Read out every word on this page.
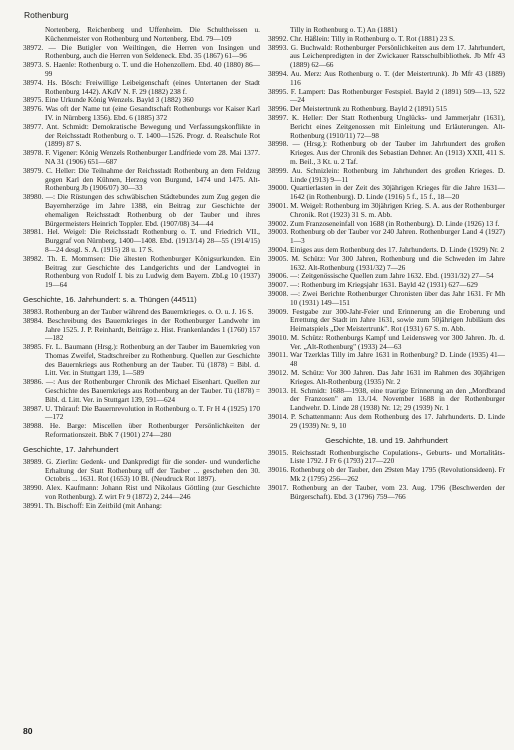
Rothenburg

Nortenberg, Reichenberg und Uffenheim. Die Schultheissen u. Küchenmeister von Rothenburg und Nortenberg. Ebd. 79—109

38972. — Die Butigler von Weiltingen, die Herren von Insingen und Rothenburg, auch die Herren von Seldeneck. Ebd. 35 (1867) 61—96

38973. S. Haenle: Rothenburg o. T. und die Hohenzollern. Ebd. 40 (1880) 86—99

38974. Hs. Bösch: Freiwillige Leibeigenschaft (eines Untertanen der Stadt Rothenburg 1442). AKdV N. F. 29 (1882) 238 f.

38975. Eine Urkunde König Wenzels. Bayld 3 (1882) 360

38976. Was oft der Name tut (eine Gesandtschaft Rothenburgs vor Kaiser Karl IV. in Nürnberg 1356). Ebd. 6 (1885) 372

38977. Ant. Schmidt: Demokratische Bewegung und Verfassungskonflikte in der Reichsstadt Rothenburg o. T. 1400—1526. Progr. d. Realschule Rot (1899) 87 S.

38978. F. Vigener: König Wenzels Rothenburger Landfriede vom 28. Mai 1377. NA 31 (1906) 651—687

38979. C. Heller: Die Teilnahme der Reichsstadt Rothenburg an dem Feldzug gegen Karl den Kühnen, Herzog von Burgund, 1474 und 1475. Alt-Rothenburg Jb (1906/07) 30—33

38980. —: Die Rüstungen des schwäbischen Städtebundes zum Zug gegen die Bayernherzöge im Jahre 1388, ein Beitrag zur Geschichte der ehemaligen Reichsstadt Rothenburg ob der Tauber und ihres Bürgermeisters Heinrich Toppler. Ebd. (1907/08) 34—44

38981. Hel. Weigel: Die Reichsstadt Rothenburg o. T. und Friedrich VII., Burggraf von Nürnberg, 1400—1408. Ebd. (1913/14) 28—55 (1914/15) 8—24 desgl. S. A. (1915) 28 u. 17 S.

38982. Th. E. Mommsen: Die ältesten Rothenburger Königsurkunden. Ein Beitrag zur Geschichte des Landgerichts und der Landvogtei in Rothenburg von Rudolf I. bis zu Ludwig dem Bayern. ZbLg 10 (1937) 19—64

Geschichte, 16. Jahrhundert: s. a. Thüngen (44511)

38983. Rothenburg an der Tauber während des Bauernkrieges. o. O. u. J. 16 S.

38984. Beschreibung des Bauernkrieges in der Rothenburger Landwehr im Jahre 1525. J. P. Reinhardt, Beiträge z. Hist. Frankenlandes 1 (1760) 157—182

38985. Fr. L. Baumann (Hrsg.): Rothenburg an der Tauber im Bauernkrieg von Thomas Zweifel, Stadtschreiber zu Rothenburg. Quellen zur Geschichte des Bauernkriegs aus Rothenburg an der Tauber. Tü (1878) = Bibl. d. Litt. Ver. in Stuttgart 139, 1—589

38986. —: Aus der Rothenburger Chronik des Michael Eisenhart. Quellen zur Geschichte des Bauernkriegs aus Rothenburg an der Tauber. Tü (1878) = Bibl. d. Litt. Ver. in Stuttgart 139, 591—624

38987. U. Thürauf: Die Bauernrevolution in Rothenburg o. T. Fr H 4 (1925) 170—172

38988. He. Barge: Miscellen über Rothenburger Persönlichkeiten der Reformationszeit. BbK 7 (1901) 274—280

Geschichte, 17. Jahrhundert

38989. G. Zierlin: Gedenk- und Dankpredigt für die sonder- und wunderliche Erhaltung der Statt Rothenburg uff der Tauber ... geschehen den 30. Octobris ... 1631. Rot (1653) 10 Bl. (Neudruck Rot 1897).

38990. Alex. Kaufmann: Johann Rist und Nikolaus Göttling (zur Geschichte von Rothenburg). Z wirt Fr 9 (1872) 2, 244—246

38991. Th. Bischoff: Ein Zeitbild (mit Anhang:

Tilly in Rothenburg o. T.) An (1881)

38992. Chr. Häßlein: Tilly in Rothenburg o. T. Rot (1881) 23 S.

38993. G. Buchwald: Rothenburger Persönlichkeiten aus dem 17. Jahrhundert, aus Leichenpredigten in der Zwickauer Ratsschulbibliothek. Jb Mfr 43 (1889) 62—66

38994. Au. Merz: Aus Rothenburg o. T. (der Meistertrunk). Jb Mfr 43 (1889) 116

38995. F. Lampert: Das Rothenburger Festspiel. Bayld 2 (1891) 509—13, 522—24

38996. Der Meistertrunk zu Rothenburg. Bayld 2 (1891) 515

38997. K. Heller: Der Statt Rothenburg Unglücks- und Jammerjahr (1631), Bericht eines Zeitgenossen mit Einleitung und Erläuterungen. Alt-Rothenburg (1910/11) 72—98

38998. — (Hrsg.): Rothenburg ob der Tauber im Jahrhundert des großen Krieges. Aus der Chronik des Sebastian Dehner. An (1913) XXII, 411 S. m. Beil., 3 Kt. u. 2 Taf.

38999. Au. Schnizlein: Rothenburg im Jahrhundert des großen Krieges. D. Linde (1913) 9—11

39000. Quartierlasten in der Zeit des 30jährigen Krieges für die Jahre 1631—1642 (in Rothenburg). D. Linde (1916) 5 f., 15 f., 18—20

39001. M. Weigel: Rothenburg im 30jährigen Krieg. S. A. aus der Rothenburger Chronik. Rot (1923) 31 S. m. Abb.

39002. Zum Franzoseneinfall von 1688 (in Rothenburg). D. Linde (1926) 13 f.

39003. Rothenburg ob der Tauber vor 240 Jahren. Rothenburger Land 4 (1927) 1—3

39004. Einiges aus dem Rothenburg des 17. Jahrhunderts. D. Linde (1929) Nr. 2

39005. M. Schütz: Vor 300 Jahren, Rothenburg und die Schweden im Jahre 1632. Alt-Rothenburg (1931/32) 7—26

39006. —: Zeitgenössische Quellen zum Jahre 1632. Ebd. (1931/32) 27—54

39007. —: Rothenburg im Kriegsjahr 1631. Bayld 42 (1931) 627—629

39008. —: Zwei Berichte Rothenburger Chronisten über das Jahr 1631. Fr Mh 10 (1931) 149—151

39009. Festgabe zur 300-Jahr-Feier und Erinnerung an die Eroberung und Errettung der Stadt im Jahre 1631, sowie zum 50jährigen Jubiläum des Heimatspiels „Der Meistertrunk". Rot (1931) 67 S. m. Abb.

39010. M. Schütz: Rothenburgs Kampf und Leidensweg vor 300 Jahren. Jb. d. Ver. „Alt-Rothenburg" (1933) 24—63

39011. War Tzerklas Tilly im Jahre 1631 in Rothenburg? D. Linde (1935) 41—48

39012. M. Schütz: Vor 300 Jahren. Das Jahr 1631 im Rahmen des 30jährigen Krieges. Alt-Rothenburg (1935) Nr. 2

39013. H. Schmidt: 1688—1938, eine traurige Erinnerung an den „Mordbrand der Franzosen" am 13./14. November 1688 in der Rothenburger Landwehr. D. Linde 28 (1938) Nr. 12; 29 (1939) Nr. 1

39014. P. Schattenmann: Aus dem Rothenburg des 17. Jahrhunderts. D. Linde 29 (1939) Nr. 9, 10

Geschichte, 18. und 19. Jahrhundert

39015. Reichsstadt Rothenburgische Copulations-, Geburts- und Mortalitäts-Liste 1792. J Fr 6 (1793) 217—220

39016. Rothenburg ob der Tauber, den 29sten May 1795 (Revolutionsideen). Fr Mk 2 (1795) 256—262

39017. Rothenburg an der Tauber, vom 23. Aug. 1796 (Beschwerden der Bürgerschaft). Ebd. 3 (1796) 759—766

80
